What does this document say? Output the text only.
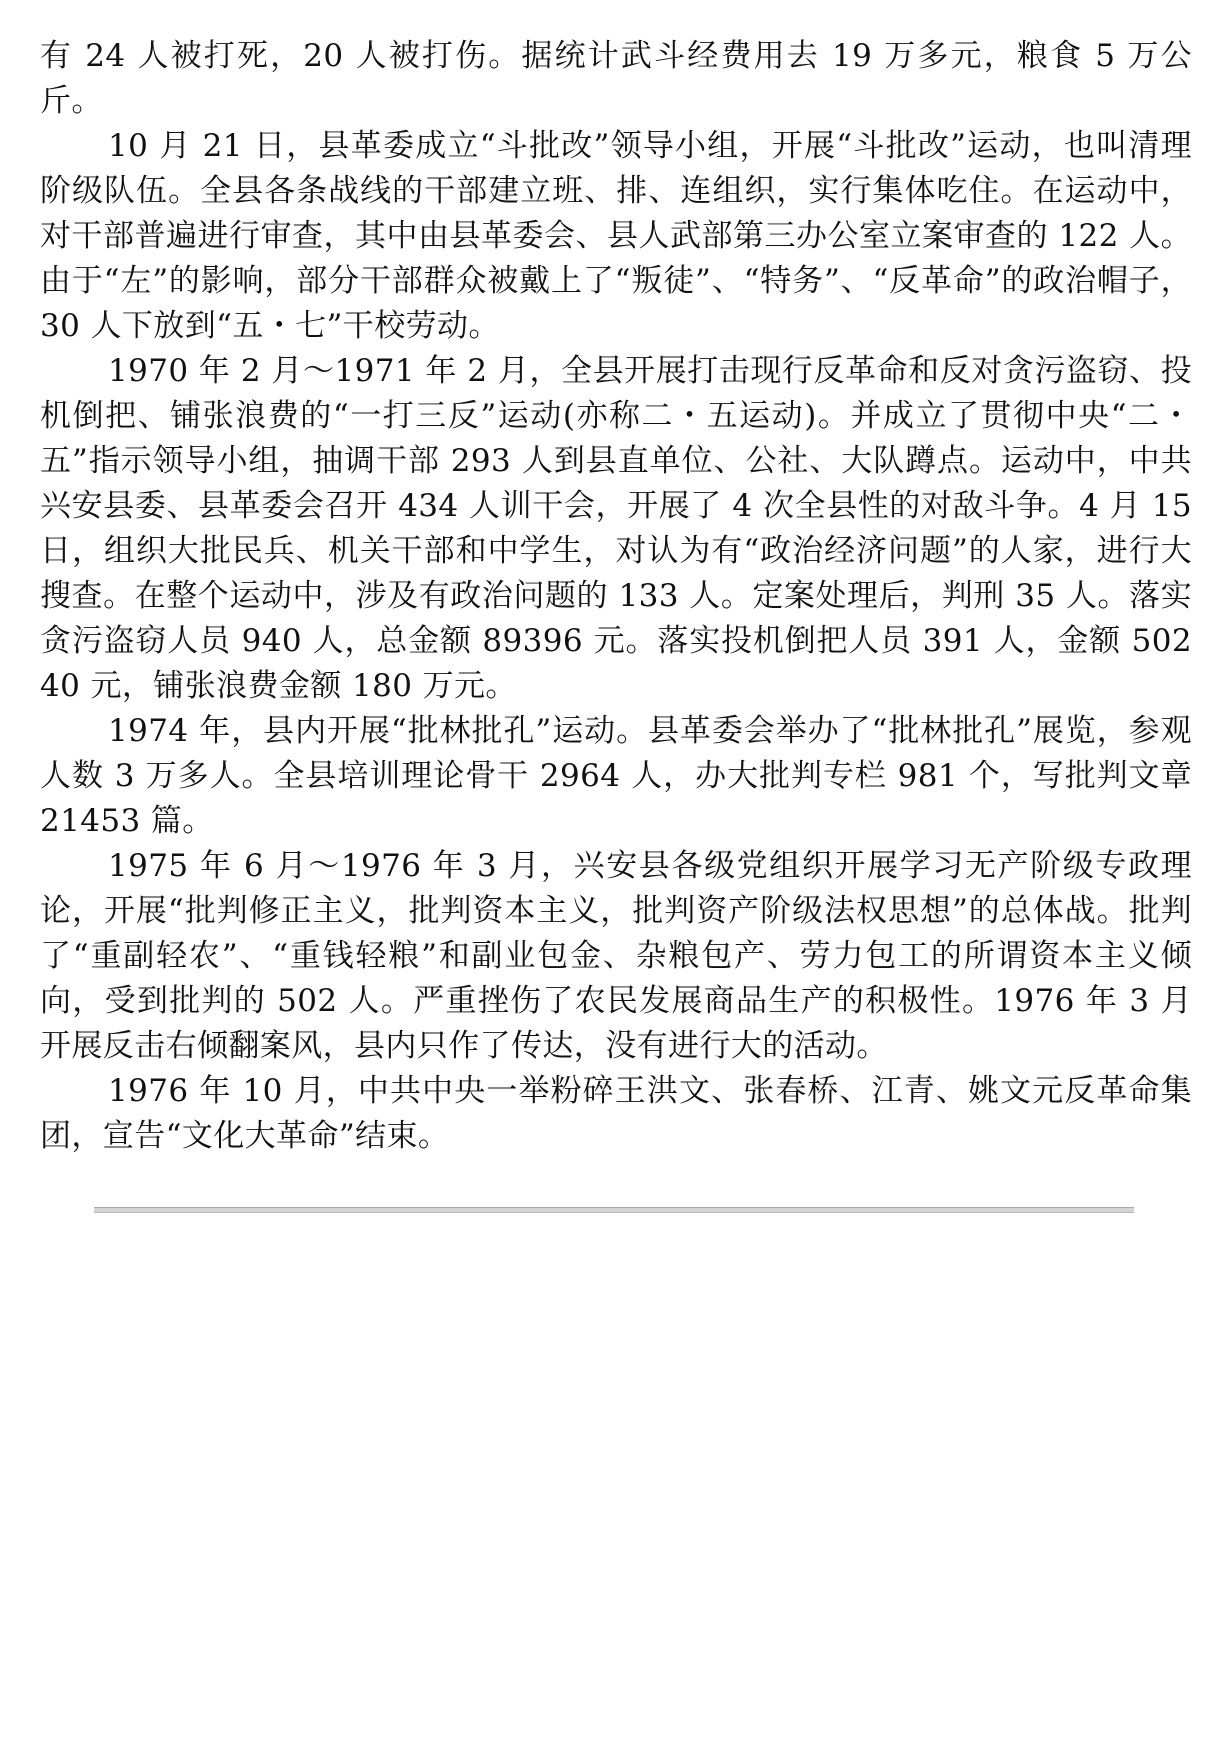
有 24 人被打死，20 人被打伤。据统计武斗经费用去 19 万多元，粮食 5 万公斤。

10 月 21 日，县革委成立“斗批改”领导小组，开展“斗批改”运动，也叫清理阶级队伍。全县各条战线的干部建立班、排、连组织，实行集体吃住。在运动中，对干部普遍进行审查，其中由县革委会、县人武部第三办公室立案审查的 122 人。由于“左”的影响，部分干部群众被戴上了“叛徒”、“特务”、“反革命”的政治帽子，30 人下放到“五・七”干校劳动。

1970 年 2 月～1971 年 2 月，全县开展打击现行反革命和反对贪污盗窃、投机倒把、铺张浪费的“一打三反”运动(亦称二・五运动)。并成立了贯彻中央“二・五”指示领导小组，抽调干部 293 人到县直单位、公社、大队蹲点。运动中，中共兴安县委、县革委会召开 434 人训干会，开展了 4 次全县性的对敌斗争。4 月 15 日，组织大批民兵、机关干部和中学生，对认为有“政治经济问题”的人家，进行大搜查。在整个运动中，涉及有政治问题的 133 人。定案处理后，判刑 35 人。落实贪污盗窃人员 940 人，总金额 89396 元。落实投机倒把人员 391 人，金额 50240 元，铺张浪费金额 180 万元。

1974 年，县内开展“批林批孔”运动。县革委会举办了“批林批孔”展览，参观人数 3 万多人。全县培训理论骨干 2964 人，办大批判专栏 981 个，写批判文章 21453 篇。

1975 年 6 月～1976 年 3 月，兴安县各级党组织开展学习无产阶级专政理论，开展“批判修正主义，批判资本主义，批判资产阶级法权思想”的总体战。批判了“重副轻农”、“重钱轻粮”和副业包金、杂粮包产、劳力包工的所谓资本主义倾向，受到批判的 502 人。严重挫伤了农民发展商品生产的积极性。1976 年 3 月开展反击右倾翻案风，县内只作了传达，没有进行大的活动。

1976 年 10 月，中共中央一举粉碎王洪文、张春桥、江青、姚文元反革命集团，宣告“文化大革命”结束。
